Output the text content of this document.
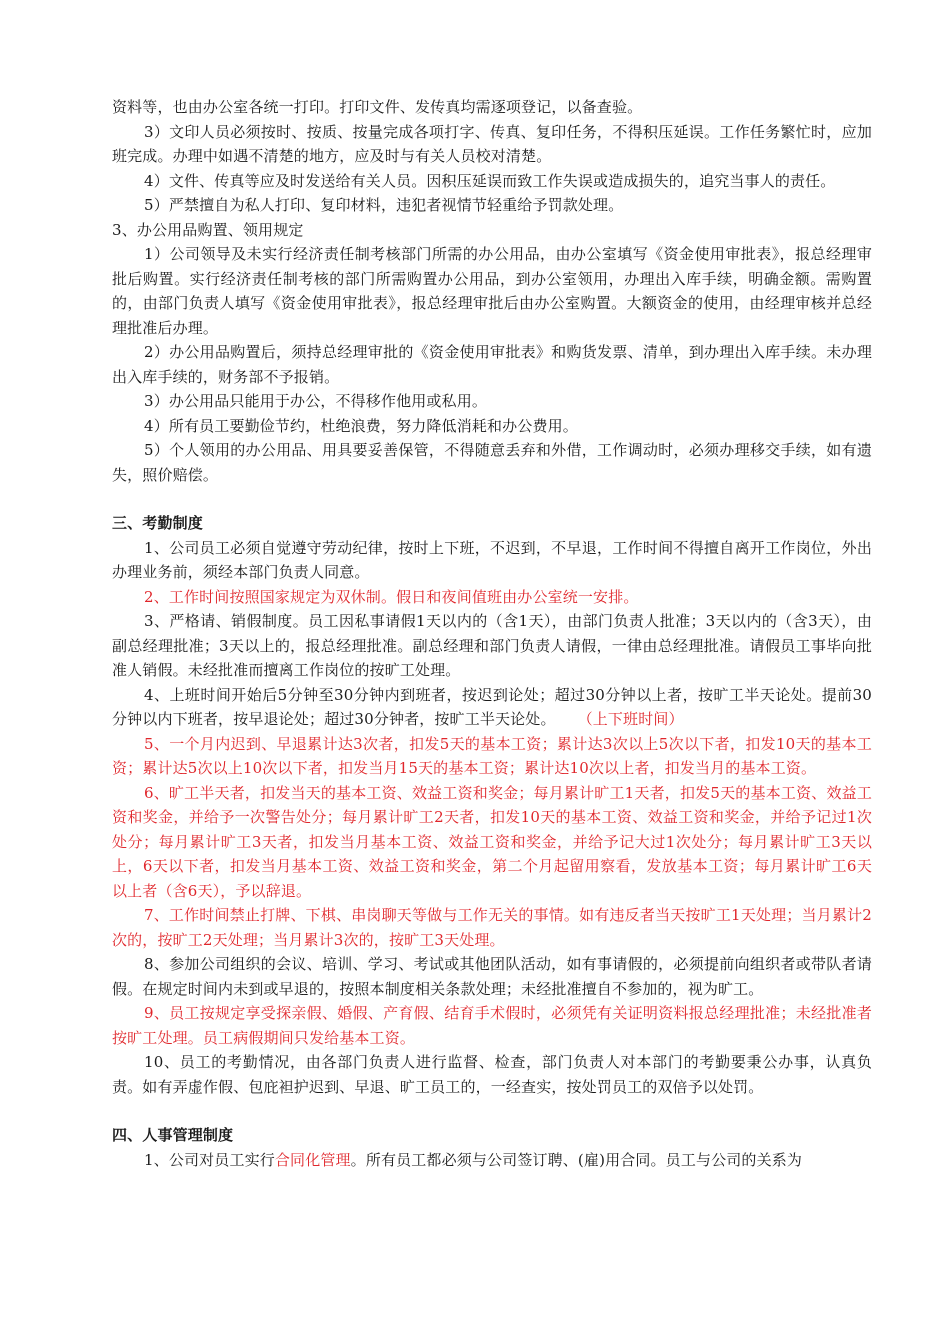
资料等，也由办公室各统一打印。打印文件、发传真均需逐项登记，以备查验。

3）文印人员必须按时、按质、按量完成各项打字、传真、复印任务，不得积压延误。工作任务繁忙时，应加班完成。办理中如遇不清楚的地方，应及时与有关人员校对清楚。

4）文件、传真等应及时发送给有关人员。因积压延误而致工作失误或造成损失的，追究当事人的责任。

5）严禁擅自为私人打印、复印材料，违犯者视情节轻重给予罚款处理。

3、办公用品购置、领用规定

1）公司领导及未实行经济责任制考核部门所需的办公用品，由办公室填写《资金使用审批表》，报总经理审批后购置。实行经济责任制考核的部门所需购置办公用品，到办公室领用，办理出入库手续，明确金额。需购置的，由部门负责人填写《资金使用审批表》，报总经理审批后由办公室购置。大额资金的使用，由经理审核并总经理批准后办理。

2）办公用品购置后，须持总经理审批的《资金使用审批表》和购货发票、清单，到办理出入库手续。未办理出入库手续的，财务部不予报销。

3）办公用品只能用于办公，不得移作他用或私用。

4）所有员工要勤俭节约，杜绝浪费，努力降低消耗和办公费用。

5）个人领用的办公用品、用具要妥善保管，不得随意丢弃和外借，工作调动时，必须办理移交手续，如有遗失，照价赔偿。

三、考勤制度

1、公司员工必须自觉遵守劳动纪律，按时上下班，不迟到，不早退，工作时间不得擅自离开工作岗位，外出办理业务前，须经本部门负责人同意。

2、工作时间按照国家规定为双休制。假日和夜间值班由办公室统一安排。

3、严格请、销假制度。员工因私事请假1天以内的（含1天），由部门负责人批准；3天以内的（含3天），由副总经理批准；3天以上的，报总经理批准。副总经理和部门负责人请假，一律由总经理批准。请假员工事毕向批准人销假。未经批准而擅离工作岗位的按旷工处理。

4、上班时间开始后5分钟至30分钟内到班者，按迟到论处；超过30分钟以上者，按旷工半天论处。提前30分钟以内下班者，按早退论处；超过30分钟者，按旷工半天论处。 （上下班时间）

5、一个月内迟到、早退累计达3次者，扣发5天的基本工资；累计达3次以上5次以下者，扣发10天的基本工资；累计达5次以上10次以下者，扣发当月15天的基本工资；累计达10次以上者，扣发当月的基本工资。

6、旷工半天者，扣发当天的基本工资、效益工资和奖金；每月累计旷工1天者，扣发5天的基本工资、效益工资和奖金，并给予一次警告处分；每月累计旷工2天者，扣发10天的基本工资、效益工资和奖金，并给予记过1次处分；每月累计旷工3天者，扣发当月基本工资、效益工资和奖金，并给予记大过1次处分；每月累计旷工3天以上，6天以下者，扣发当月基本工资、效益工资和奖金，第二个月起留用察看，发放基本工资；每月累计旷工6天以上者（含6天），予以辞退。

7、工作时间禁止打牌、下棋、串岗聊天等做与工作无关的事情。如有违反者当天按旷工1天处理；当月累计2次的，按旷工2天处理；当月累计3次的，按旷工3天处理。

8、参加公司组织的会议、培训、学习、考试或其他团队活动，如有事请假的，必须提前向组织者或带队者请假。在规定时间内未到或早退的，按照本制度相关条款处理；未经批准擅自不参加的，视为旷工。

9、员工按规定享受探亲假、婚假、产育假、结育手术假时，必须凭有关证明资料报总经理批准；未经批准者按旷工处理。员工病假期间只发给基本工资。

10、员工的考勤情况，由各部门负责人进行监督、检查，部门负责人对本部门的考勤要秉公办事，认真负责。如有弄虚作假、包庇袒护迟到、早退、旷工员工的，一经查实，按处罚员工的双倍予以处罚。

四、人事管理制度

1、公司对员工实行合同化管理。所有员工都必须与公司签订聘、(雇)用合同。员工与公司的关系为
